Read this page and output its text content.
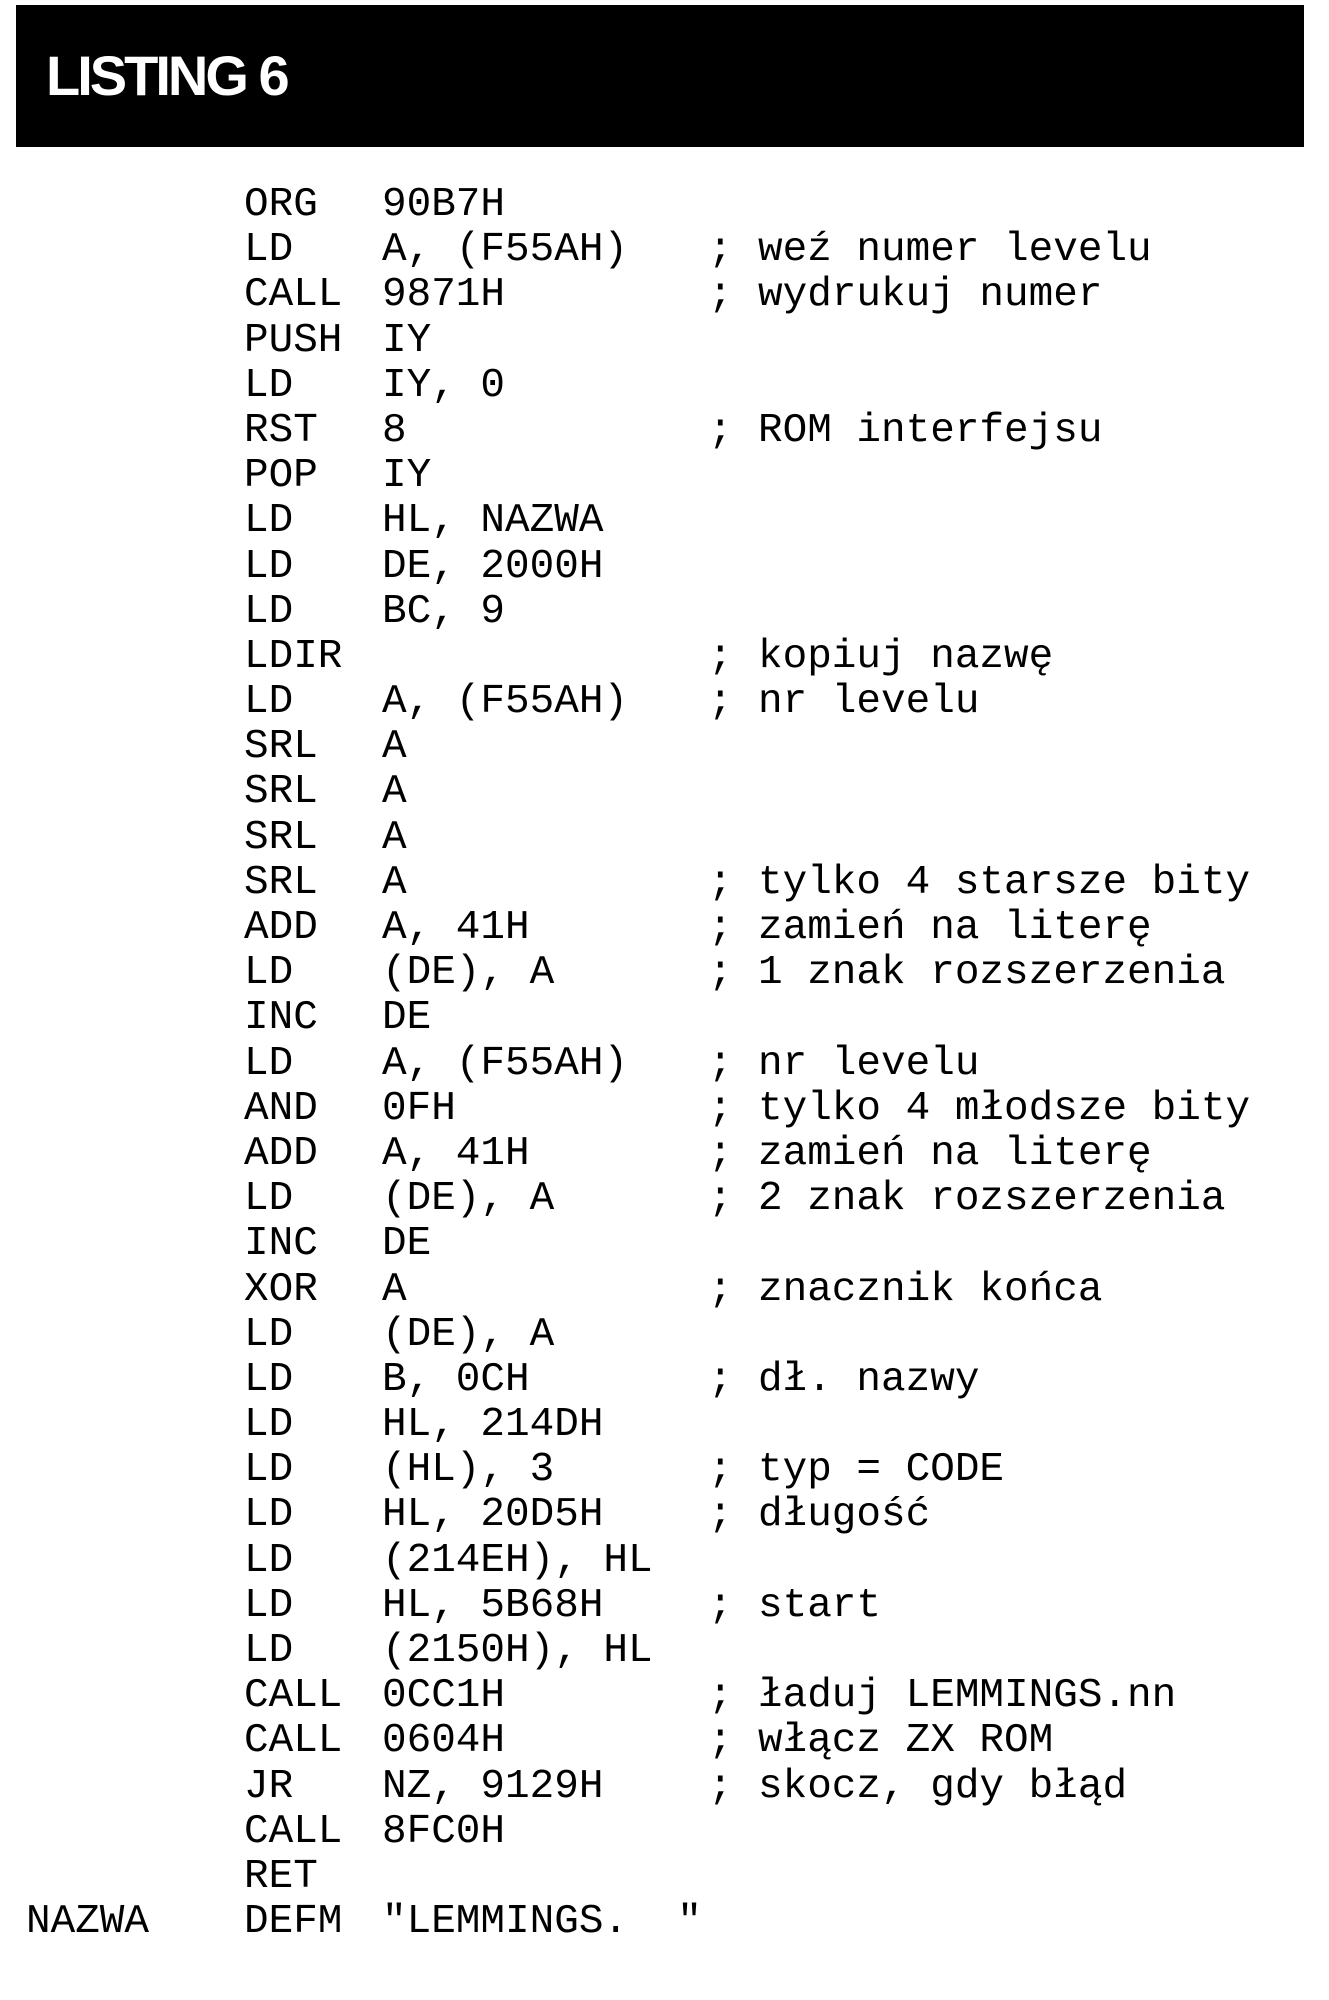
LISTING 6
ORG 90B7H
LD A, (F55AH) ; weź numer levelu
CALL 9871H	; wydrukuj numer
PUSH IY
LD IY, 0
RST 8	; ROM interfejsu
POP IY
LD HL, NAZWA
LD DE, 2000H
LD BC, 9
LDIR	; kopiuj nazwę
LD A, (F55AH) ; nr levelu
SRL A
SRL A
SRL A
SRL A	; tylko 4 starsze bity
ADD A, 41H	; zamień na literę
LD (DE), A	; 1 znak rozszerzenia
INC DE
LD A, (F55AH) ; nr levelu
AND 0FH	; tylko 4 młodsze bity
ADD A, 41H	; zamień na literę
LD (DE), A	; 2 znak rozszerzenia
INC DE
XOR A	; znacznik końca
LD (DE), A
LD B, 0CH	; dł. nazwy
LD HL, 214DH
LD (HL), 3	; typ = CODE
LD HL, 20D5H	; długość
LD (214EH), HL
LD HL, 5B68H	; start
LD (2150H), HL
CALL 0CC1H	; ładuj LEMMINGS.nn
CALL 0604H	; włącz ZX ROM
JR NZ, 9129H	; skocz, gdy błąd
CALL 8FC0H
RET
NAZWA DEFM "LEMMINGS.  "
